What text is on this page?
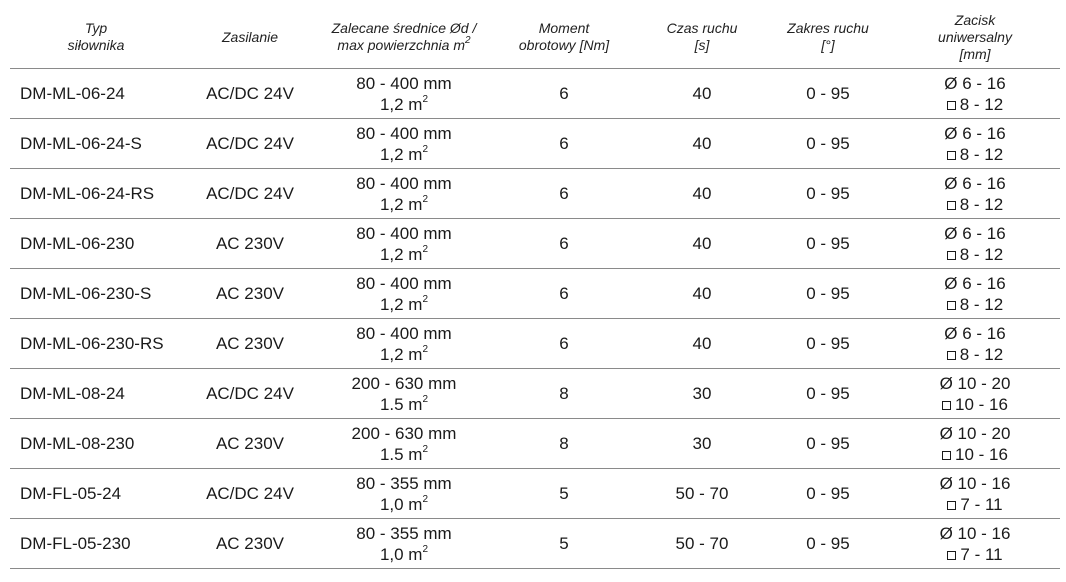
Typ
siłownika	Zasilanie	Zalecane średnice Ød /
max powierzchnia $m^2$	Moment
obrotowy [Nm]	Czas ruchu
[s]	Zakres ruchu
[°]	Zacisk
uniwersalny
[mm]

DM-ML-06-24	AC/DC 24V	80 - 400 mm
1,2 $m^2$	6	40	0 - 95	Ø 6 - 16
8 - 12

DM-ML-06-24-S	AC/DC 24V	80 - 400 mm
1,2 $m^2$	6	40	0 - 95	Ø 6 - 16
8 - 12

DM-ML-06-24-RS	AC/DC 24V	80 - 400 mm
1,2 $m^2$	6	40	0 - 95	Ø 6 - 16
8 - 12

DM-ML-06-230	AC 230V	80 - 400 mm
1,2 $m^2$	6	40	0 - 95	Ø 6 - 16
8 - 12

DM-ML-06-230-S	AC 230V	80 - 400 mm
1,2 $m^2$	6	40	0 - 95	Ø 6 - 16
8 - 12

DM-ML-06-230-RS	AC 230V	80 - 400 mm
1,2 $m^2$	6	40	0 - 95	Ø 6 - 16
8 - 12

DM-ML-08-24	AC/DC 24V	200 - 630 mm
1.5 $m^2$	8	30	0 - 95	Ø 10 - 20
10 - 16

DM-ML-08-230	AC 230V	200 - 630 mm
1.5 $m^2$	8	30	0 - 95	Ø 10 - 20
10 - 16

DM-FL-05-24	AC/DC 24V	80 - 355 mm
1,0 $m^2$	5	50 - 70	0 - 95	Ø 10 - 16
7 - 11

DM-FL-05-230	AC 230V	80 - 355 mm
1,0 $m^2$	5	50 - 70	0 - 95	Ø 10 - 16
7 - 11
